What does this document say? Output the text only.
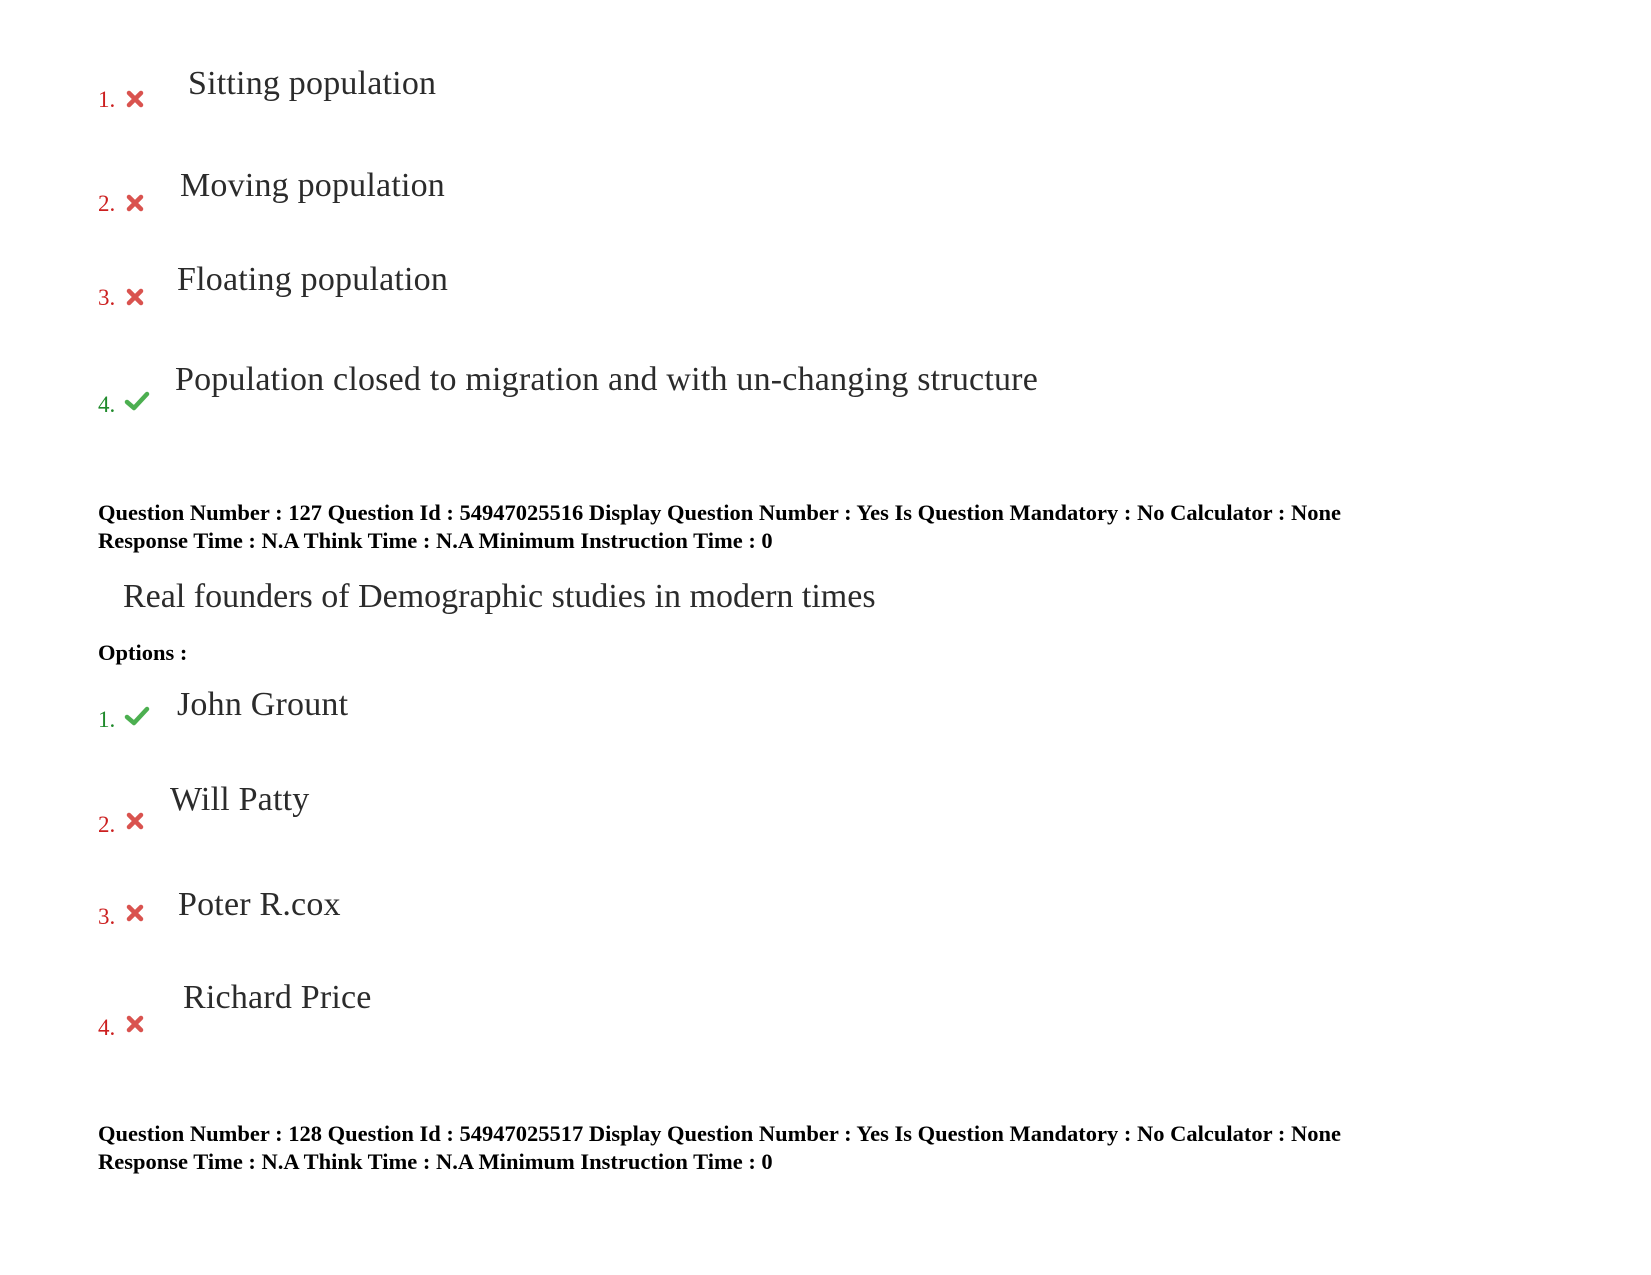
1. Sitting population
2. Moving population
3. Floating population
4.
Population closed to migration and with un-changing structure
Question Number : 127 Question Id : 54947025516 Display Question Number : Yes Is Question Mandatory : No Calculator : None
Response Time : N.A Think Time : N.A Minimum Instruction Time : 0
Real founders of Demographic studies in modern times
Options :
1. John Grount
2.
Will Patty
3. Poter R.cox
4.
Richard Price
Question Number : 128 Question Id : 54947025517 Display Question Number : Yes Is Question Mandatory : No Calculator : None
Response Time : N.A Think Time : N.A Minimum Instruction Time : 0
